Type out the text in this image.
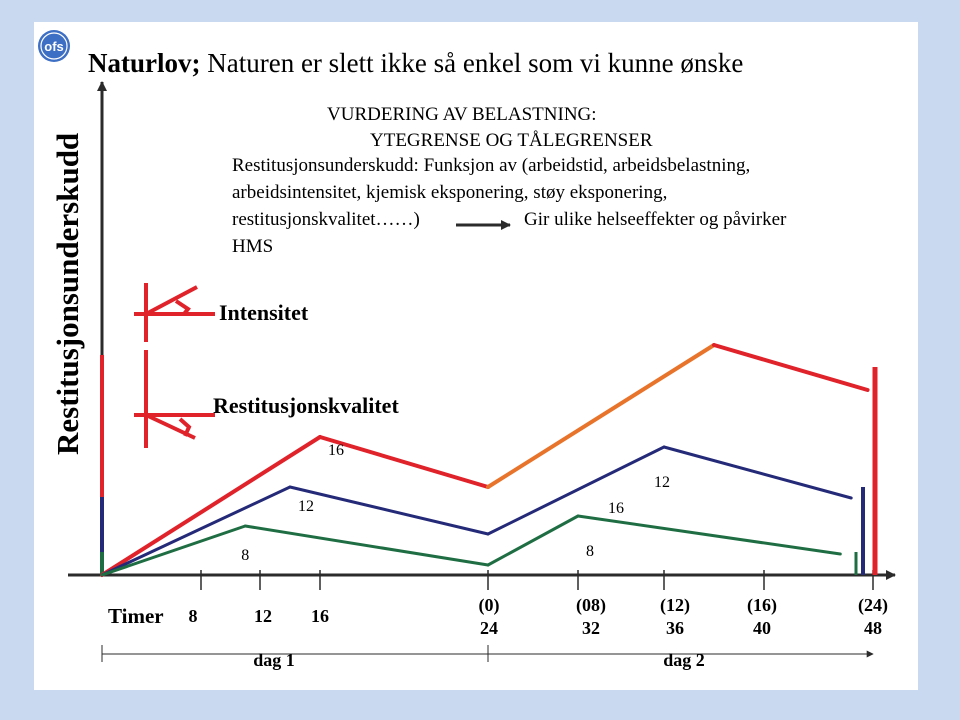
ofs
Naturlov; Naturen er slett ikke så enkel som vi kunne ønske
Restitusjonsunderskudd
VURDERING AV BELASTNING:
YTEGRENSE OG TÅLEGRENSER
Restitusjonsunderskudd: Funksjon av (arbeidstid, arbeidsbelastning,
arbeidsintensitet, kjemisk eksponering, støy eksponering,
restitusjonskvalitet……)	Gir ulike helseeffekter og påvirker
HMS
Intensitet
Restitusjonskvalitet
Timer 8	12 16
(0)	(08)	(12)	(16)	(24)
24	32	36	40	48
dag 1	dag 2
16
16
12
12
8	8
